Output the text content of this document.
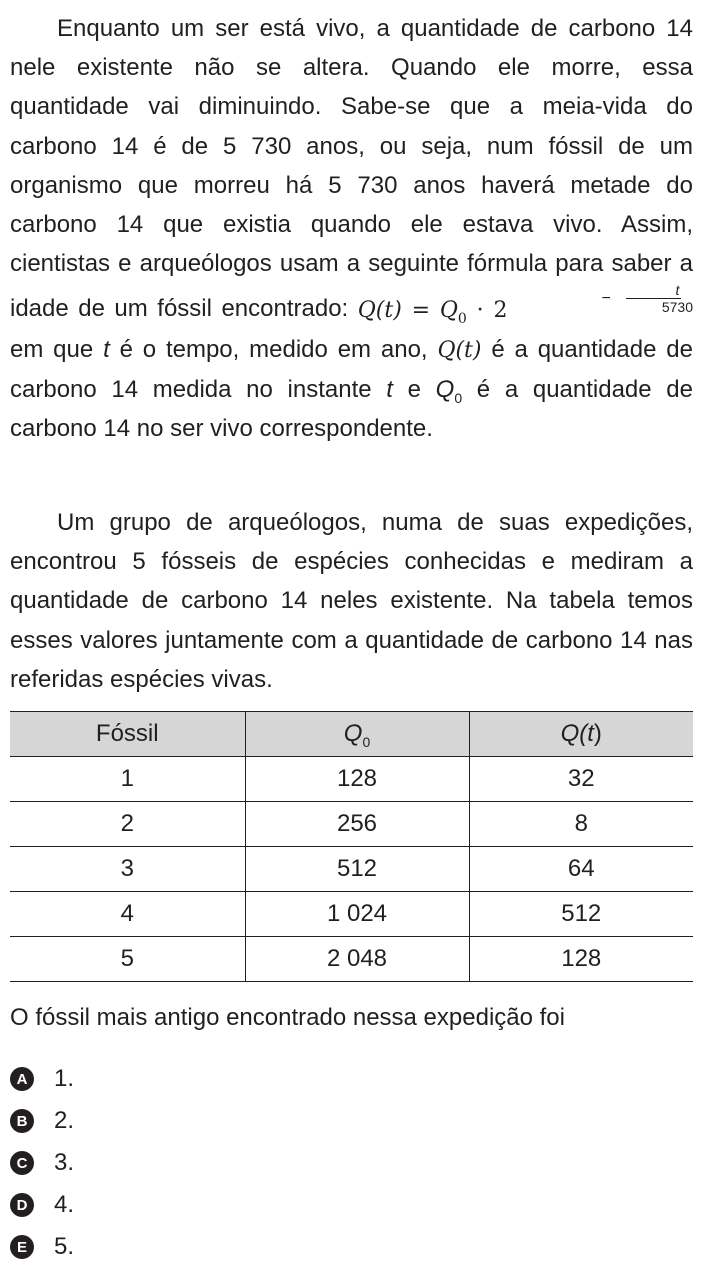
Enquanto um ser está vivo, a quantidade de carbono 14 nele existente não se altera. Quando ele morre, essa quantidade vai diminuindo. Sabe-se que a meia-vida do carbono 14 é de 5 730 anos, ou seja, num fóssil de um organismo que morreu há 5 730 anos haverá metade do carbono 14 que existia quando ele estava vivo. Assim, cientistas e arqueólogos usam a seguinte fórmula para saber a idade de um fóssil encontrado: $Q(t) = Q_0 \cdot 2$	− $\frac{t}{5730}$
em que t é o tempo, medido em ano, Q(t) é a quantidade de carbono 14 medida no instante t e $Q_0$ é a quantidade de carbono 14 no ser vivo correspondente.

Um grupo de arqueólogos, numa de suas expedições, encontrou 5 fósseis de espécies conhecidas e mediram a quantidade de carbono 14 neles existente. Na tabela temos esses valores juntamente com a quantidade de carbono 14 nas referidas espécies vivas.

Fóssil	$Q_0$	Q(t)
1	128	32
2	256	8
3	512	64
4	1 024	512
5	2 048	128

O fóssil mais antigo encontrado nessa expedição foi

A 1.
B 2.
C 3.
D 4.
E 5.
